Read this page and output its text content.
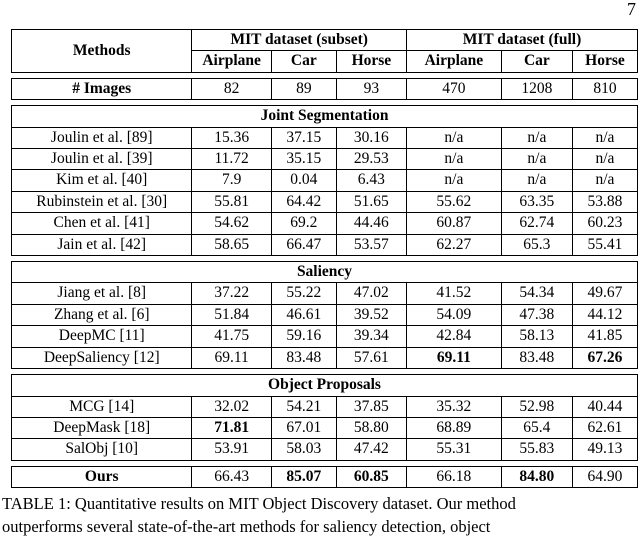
7
Methods	MIT dataset (subset)			MIT dataset (full)		
	Airplane	Car	Horse	Airplane	Car	Horse

# Images	82	89	93	470	1208	810

Joint Segmentation						
Joulin et al. [89]	15.36	37.15	30.16	n/a	n/a	n/a
Joulin et al. [39]	11.72	35.15	29.53	n/a	n/a	n/a
Kim et al. [40]	7.9	0.04	6.43	n/a	n/a	n/a
Rubinstein et al. [30]	55.81	64.42	51.65	55.62	63.35	53.88
Chen et al. [41]	54.62	69.2	44.46	60.87	62.74	60.23
Jain et al. [42]	58.65	66.47	53.57	62.27	65.3	55.41

Saliency						
Jiang et al. [8]	37.22	55.22	47.02	41.52	54.34	49.67
Zhang et al. [6]	51.84	46.61	39.52	54.09	47.38	44.12
DeepMC [11]	41.75	59.16	39.34	42.84	58.13	41.85
DeepSaliency [12]	69.11	83.48	57.61	69.11	83.48	67.26

Object Proposals						
MCG [14]	32.02	54.21	37.85	35.32	52.98	40.44
DeepMask [18]	71.81	67.01	58.80	68.89	65.4	62.61
SalObj [10]	53.91	58.03	47.42	55.31	55.83	49.13

Ours	66.43	85.07	60.85	66.18	84.80	64.90
TABLE 1: Quantitative results on MIT Object Discovery dataset. Our method
outperforms several state-of-the-art methods for saliency detection, object
